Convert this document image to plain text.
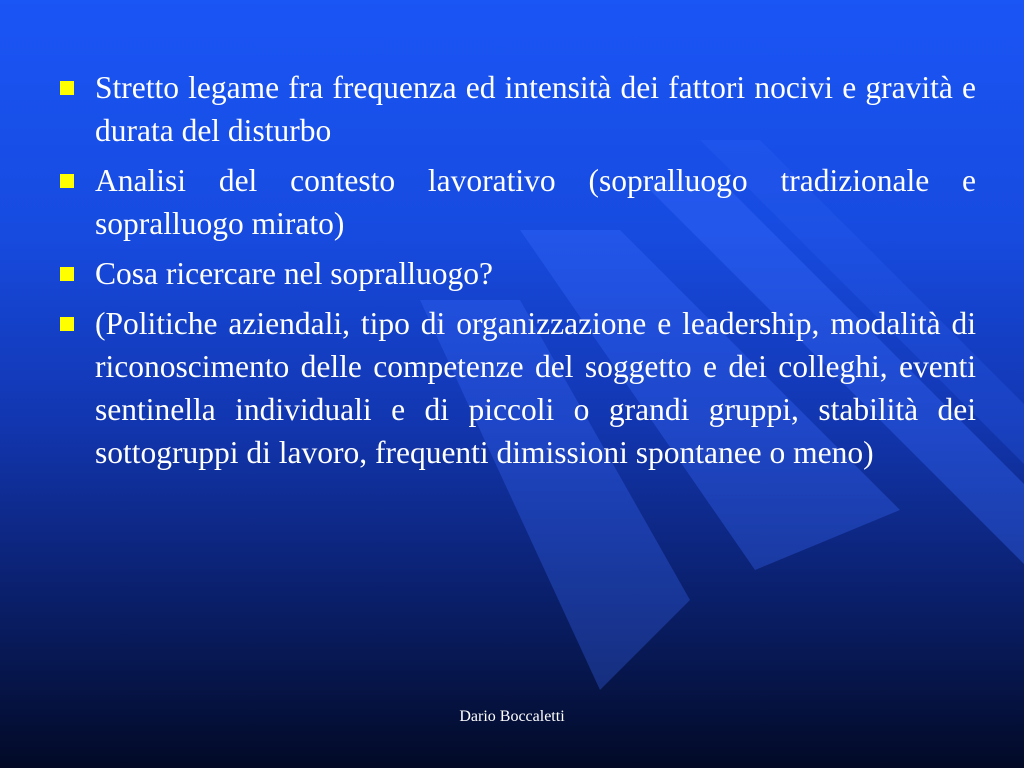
Stretto legame fra frequenza ed intensità dei fattori nocivi e gravità e durata del disturbo
Analisi del contesto lavorativo (sopralluogo tradizionale e sopralluogo mirato)
Cosa ricercare nel sopralluogo?
(Politiche aziendali, tipo di organizzazione e leadership, modalità di riconoscimento delle competenze del soggetto e dei colleghi, eventi sentinella individuali e di piccoli o grandi gruppi, stabilità dei sottogruppi di lavoro, frequenti dimissioni spontanee o meno)
Dario Boccaletti
